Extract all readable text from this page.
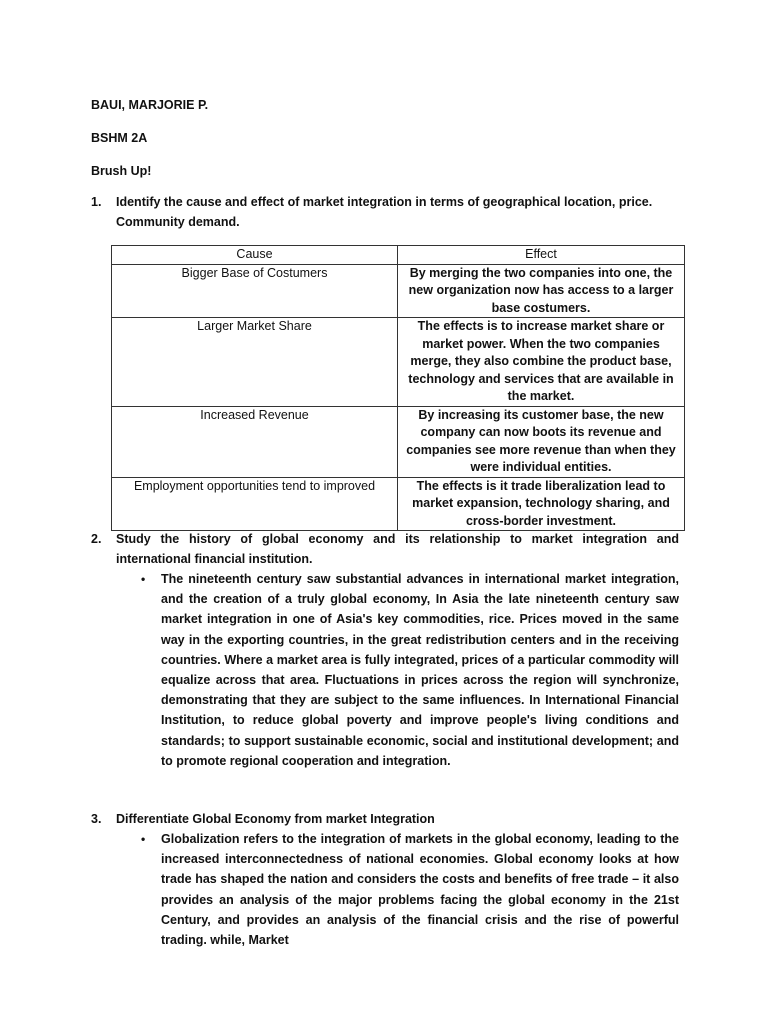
BAUI, MARJORIE P.
BSHM 2A
Brush Up!
1. Identify the cause and effect of market integration in terms of geographical location, price. Community demand.
Cause	Effect
Bigger Base of Costumers	By merging the two companies into one, the new organization now has access to a larger base costumers.
Larger Market Share	The effects is to increase market share or market power. When the two companies merge, they also combine the product base, technology and services that are available in the market.
Increased Revenue	By increasing its customer base, the new company can now boots its revenue and companies see more revenue than when they were individual entities.
Employment opportunities tend to improved	The effects is it trade liberalization lead to market expansion, technology sharing, and cross-border investment.
2. Study the history of global economy and its relationship to market integration and international financial institution.
• The nineteenth century saw substantial advances in international market integration, and the creation of a truly global economy, In Asia the late nineteenth century saw market integration in one of Asia's key commodities, rice. Prices moved in the same way in the exporting countries, in the great redistribution centers and in the receiving countries. Where a market area is fully integrated, prices of a particular commodity will equalize across that area. Fluctuations in prices across the region will synchronize, demonstrating that they are subject to the same influences. In International Financial Institution, to reduce global poverty and improve people's living conditions and standards; to support sustainable economic, social and institutional development; and to promote regional cooperation and integration.
3. Differentiate Global Economy from market Integration
• Globalization refers to the integration of markets in the global economy, leading to the increased interconnectedness of national economies. Global economy looks at how trade has shaped the nation and considers the costs and benefits of free trade – it also provides an analysis of the major problems facing the global economy in the 21st Century, and provides an analysis of the financial crisis and the rise of powerful trading. while, Market
